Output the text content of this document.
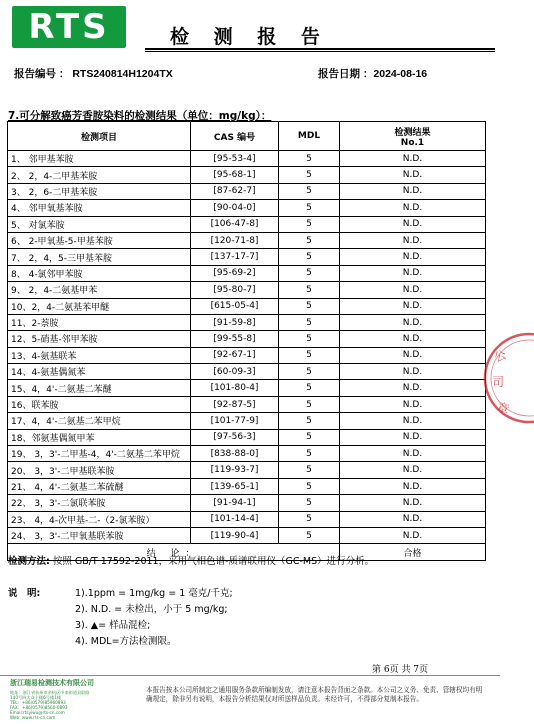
RTS	检 测 报 告
报告编号 ： RTS240814H1204TX	报告日期 ：2024-08-16
7.可分解致癌芳香胺染料的检测结果（单位：mg/kg）：
检测项目	CAS 编号	MDL	检测结果
No.1

1、 邻甲基苯胺	[95-53-4]	5	N.D.
2、 2，4-二甲基苯胺	[95-68-1]	5	N.D.
3、 2，6-二甲基苯胺	[87-62-7]	5	N.D.
4、 邻甲氧基苯胺	[90-04-0]	5	N.D.
5、 对氯苯胺	[106-47-8]	5	N.D.
6、 2-甲氧基-5-甲基苯胺	[120-71-8]	5	N.D.
7、 2，4，5-三甲基苯胺	[137-17-7]	5	N.D.
8、 4-氯邻甲苯胺	[95-69-2]	5	N.D.
9、 2，4-二氨基甲苯	[95-80-7]	5	N.D.
10、2，4-二氨基苯甲醚	[615-05-4]	5	N.D.
11、2-萘胺	[91-59-8]	5	N.D.
12、5-硝基-邻甲苯胺	[99-55-8]	5	N.D.
13、4-氨基联苯	[92-67-1]	5	N.D.
14、4-氨基偶氮苯	[60-09-3]	5	N.D.
15、4，4'-二氨基二苯醚	[101-80-4]	5	N.D.
16、联苯胺	[92-87-5]	5	N.D.
17、4，4'-二氨基二苯甲烷	[101-77-9]	5	N.D.
18、邻氨基偶氮甲苯	[97-56-3]	5	N.D.
19、 3，3'-二甲基-4，4'-二氨基二苯甲烷	[838-88-0]	5	N.D.
20、 3，3'-二甲基联苯胺	[119-93-7]	5	N.D.
21、 4，4'-二氨基二苯硫醚	[139-65-1]	5	N.D.
22、 3，3'-二氯联苯胺	[91-94-1]	5	N.D.
23、 4，4-次甲基-二-（2-氯苯胺）	[101-14-4]	5	N.D.
24、 3，3'-二甲氧基联苯胺	[119-90-4]	5	N.D.
结 论：			合格
检测方法: 按照 GB/T 17592-2011，采用气相色谱-质谱联用仪（GC-MS）进行分析。
说　明:	1).1ppm = 1mg/kg = 1 毫克/千克;
2). N.D. = 未检出，小于 5 mg/kg;
3). ▲= 样品混检;
4). MDL=方法检测限。
第 6页 共 7页
浙江瑞易检测技术有限公司
地址：浙江省杭州市余杭区中泰街道双联路
140号四大众主楼6号楼1楼
TEL：+86(0579)85960893
FAX：+86(0579)8560-0893
Email:rtsyiwu@rts-cn.com
Web: www.rts-cn.com
本报告按本公司所制定之通用服务条款所编制发放，请注意本报告背面之条款。本公司之义务、免责、管辖权均有明确规定，除非另有说明，本报告分析结果仅对所送样品负责。未经许可，不得部分复制本报告。
公
司
章
